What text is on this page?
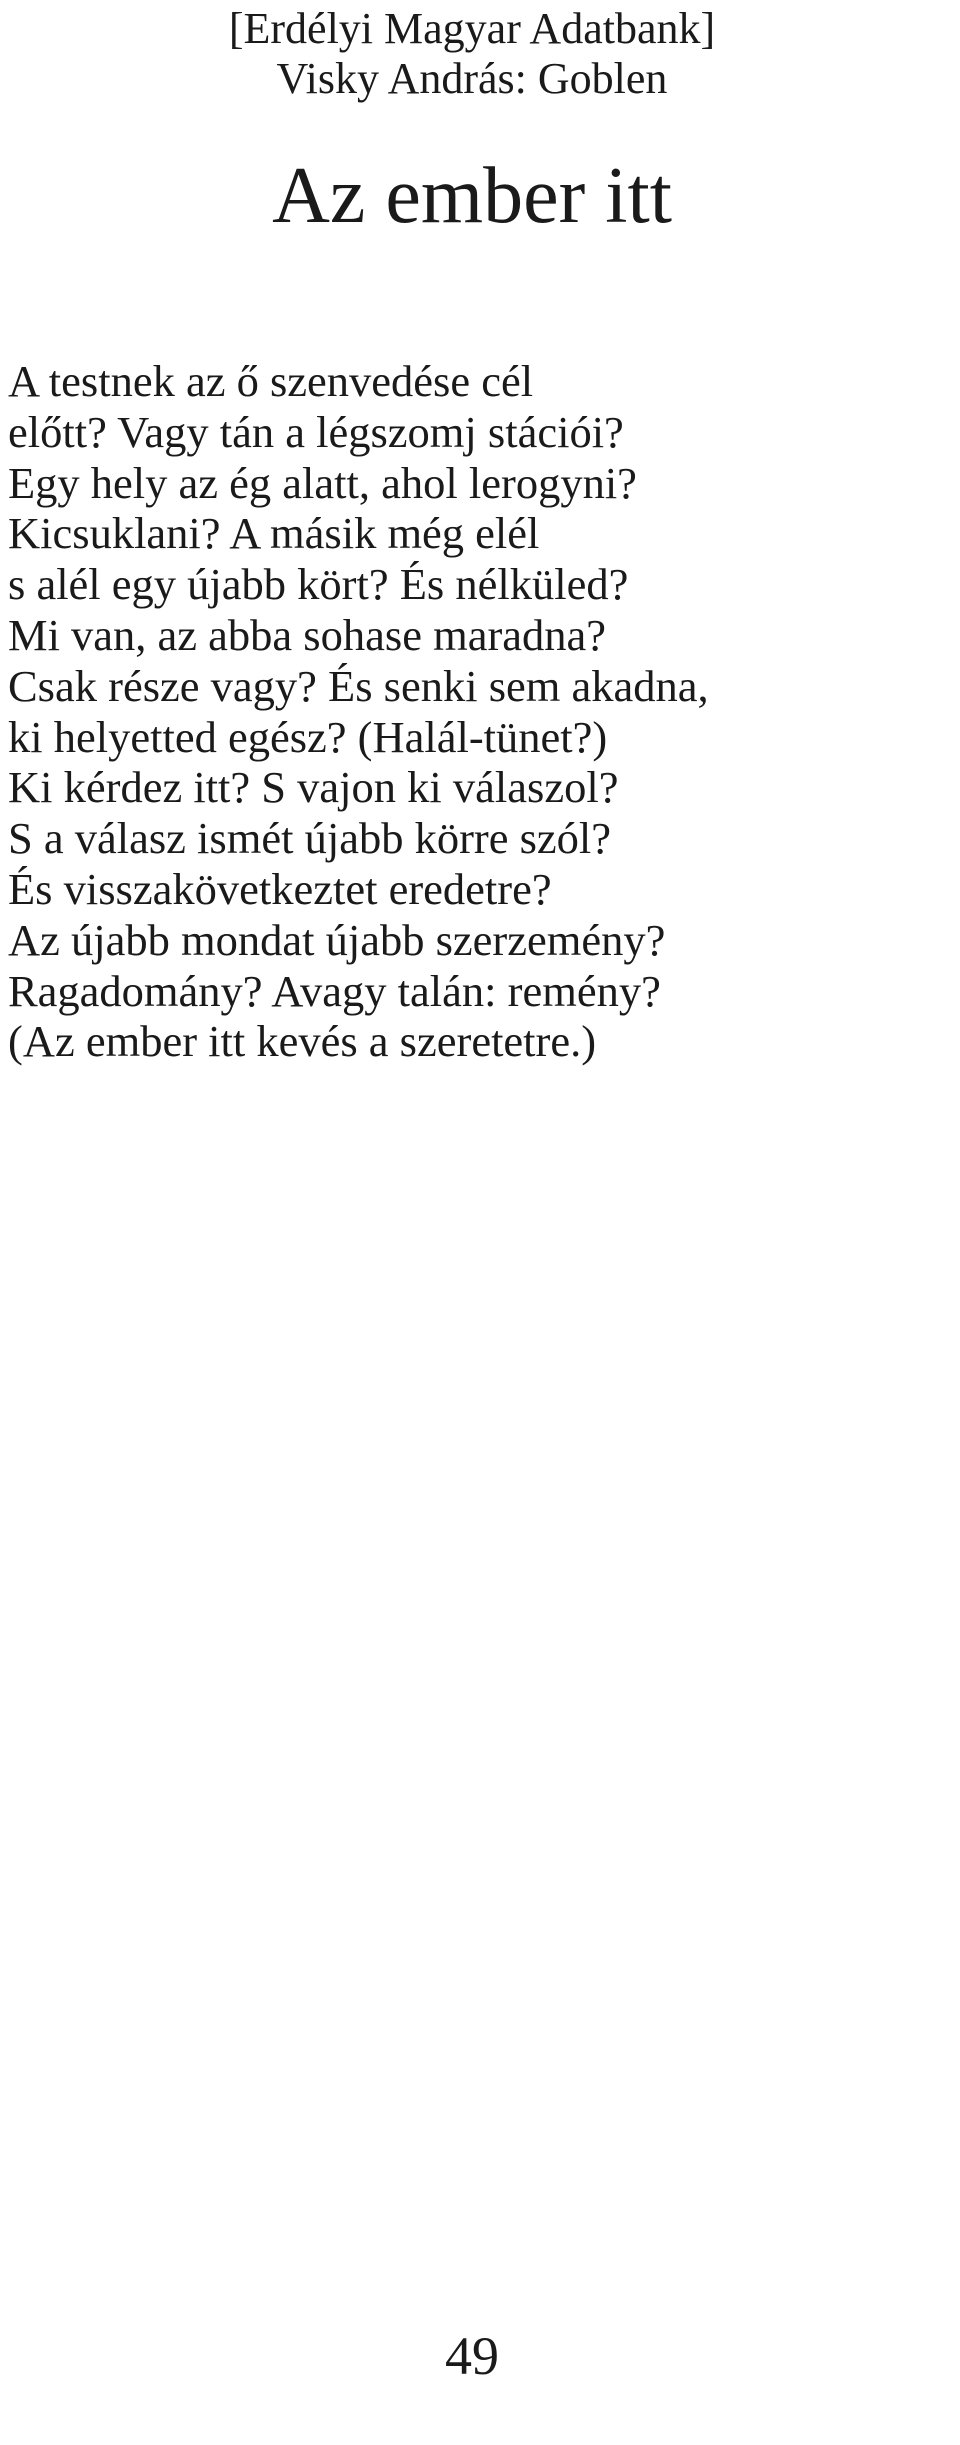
[Erdélyi Magyar Adatbank]
Visky András: Goblen
Az ember itt
A testnek az ő szenvedése cél
előtt? Vagy tán a légszomj stációi?
Egy hely az ég alatt, ahol lerogyni?
Kicsuklani? A másik még elél
s alél egy újabb kört? És nélküled?
Mi van, az abba sohase maradna?
Csak része vagy? És senki sem akadna,
ki helyetted egész? (Halál-tünet?)
Ki kérdez itt? S vajon ki válaszol?
S a válasz ismét újabb körre szól?
És visszakövetkeztet eredetre?
Az újabb mondat újabb szerzemény?
Ragadomány? Avagy talán: remény?
(Az ember itt kevés a szeretetre.)
49
